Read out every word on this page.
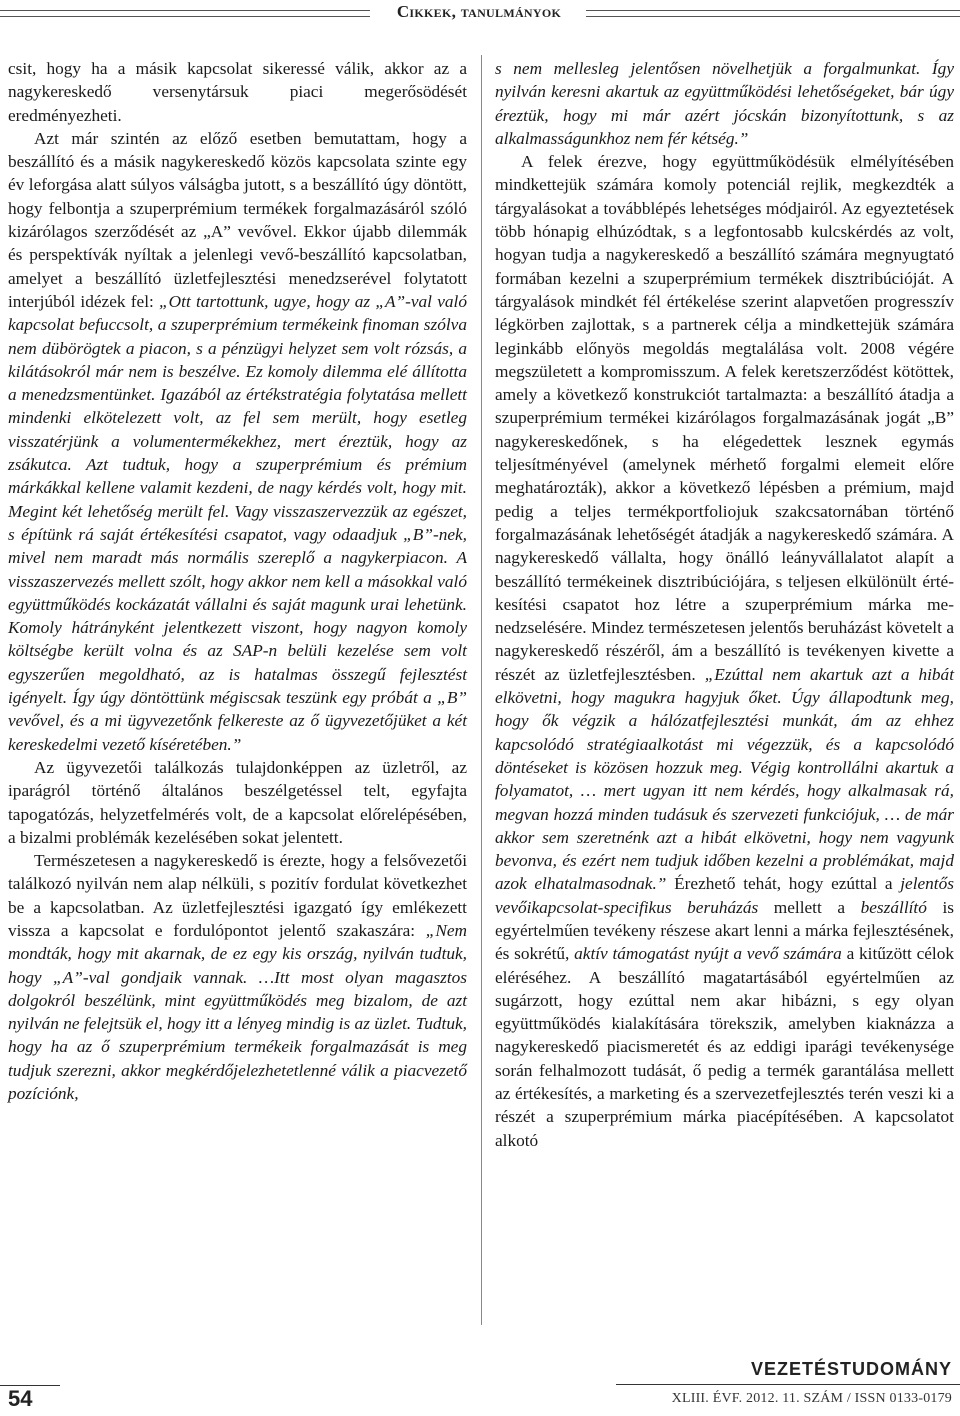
Cikkek, tanulmányok

csit, hogy ha a másik kapcsolat sikeressé válik, akkor az a nagykereskedő versenytársuk piaci megerősödését eredményezheti.

Azt már szintén az előző esetben bemutattam, hogy a beszállító és a másik nagykereskedő közös kapcsolata szinte egy év leforgása alatt súlyos válságba jutott, s a beszállító úgy döntött, hogy felbontja a szuperprémium termékek forgalmazásáról szóló kizárólagos szerződését az „A” vevővel. Ekkor újabb dilemmák és perspektívák nyíltak a jelenlegi vevő-beszállító kapcsolatban, amelyet a beszállító üzletfejlesztési menedzserével folytatott interjúból idézek fel: „Ott tartottunk, ugye, hogy az „A”-val való kapcsolat befuccsolt, a szuperprémium termékeink finoman szólva nem dübörögtek a piacon, s a pénzügyi helyzet sem volt rózsás, a kilátásokról már nem is beszélve. Ez komoly dilemma elé állította a menedzsmentünket. Igazából az értékstratégia folytatása mellett mindenki elkötelezett volt, az fel sem merült, hogy esetleg visszatérjünk a volumentermékekhez, mert éreztük, hogy az zsákutca. Azt tudtuk, hogy a szuperprémium és prémium márkákkal kellene valamit kezdeni, de nagy kérdés volt, hogy mit. Megint két lehetőség merült fel. Vagy visszaszervezzük az egészet, s építünk rá saját értékesítési csapatot, vagy odaadjuk „B”-nek, mivel nem maradt más normális szereplő a nagykerpiacon. A visszaszervezés mellett szólt, hogy akkor nem kell a másokkal való együttműködés kockázatát vállalni és saját magunk urai lehetünk. Komoly hátrányként jelentkezett viszont, hogy nagyon komoly költségbe került volna és az SAP-n belüli kezelése sem volt egyszerűen megoldható, az is hatalmas összegű fejlesztést igényelt. Így úgy döntöttünk mégiscsak teszünk egy próbát a „B” vevővel, és a mi ügyvezetőnk felkereste az ő ügyvezetőjüket a két kereskedelmi vezető kíséretében.”

Az ügyvezetői találkozás tulajdonképpen az üzletről, az iparágról történő általános beszélgetéssel telt, egyfajta tapogatózás, helyzetfelmérés volt, de a kapcsolat előrelépésében, a bizalmi problémák kezelésében sokat jelentett.

Természetesen a nagykereskedő is érezte, hogy a felsővezetői találkozó nyilván nem alap nélküli, s pozitív fordulat következhet be a kapcsolatban. Az üzletfejlesztési igazgató így emlékezett vissza a kapcsolat e fordulópontot jelentő szakaszára: „Nem mondták, hogy mit akarnak, de ez egy kis ország, nyilván tudtuk, hogy „A”-val gondjaik vannak. …Itt most olyan magasztos dolgokról beszélünk, mint együttműködés meg bizalom, de azt nyilván ne felejtsük el, hogy itt a lényeg mindig is az üzlet. Tudtuk, hogy ha az ő szuperprémium termékeik forgalmazását is meg tudjuk szerezni, akkor megkérdőjelezhetetlenné válik a piacvezető pozíciónk,

s nem mellesleg jelentősen növelhetjük a forgalmunkat. Így nyilván keresni akartuk az együttműködési lehetőségeket, bár úgy éreztük, hogy mi már azért jócskán bizonyítottunk, s az alkalmasságunkhoz nem fér kétség.”

A felek érezve, hogy együttműködésük elmélyítésében mindkettejük számára komoly potenciál rejlik, megkezdték a tárgyalásokat a továbblépés lehetséges módjairól. Az egyeztetések több hónapig elhúzódtak, s a legfontosabb kulcskérdés az volt, hogyan tudja a nagykereskedő a beszállító számára megnyugtató formában kezelni a szuperprémium termékek disztribúcióját. A tárgyalások mindkét fél értékelése szerint alapvetően progresszív légkörben zajlottak, s a partnerek célja a mindkettejük számára leginkább előnyös megoldás megtalálása volt. 2008 végére megszületett a kompromisszum. A felek keretszerződést kötöttek, amely a következő konstrukciót tartalmazta: a beszállító átadja a szuperprémium termékei kizárólagos forgalmazásának jogát „B” nagykereskedőnek, s ha elégedettek lesznek egymás teljesítményével (amelynek mérhető forgalmi elemeit előre meghatározták), akkor a következő lépésben a prémium, majd pedig a teljes termékportfoliojuk szakcsatornában történő forgalmazásának lehetőségét átadják a nagykereskedő számára. A nagykereskedő vállalta, hogy önálló leányvállalatot alapít a beszállító termékeinek disztribúciójára, s teljesen elkülönült értékesítési csapatot hoz létre a szuperprémium márka menedzselésére. Mindez természetesen jelentős beruházást követelt a nagykereskedő részéről, ám a beszállító is tevékenyen kivette a részét az üzletfejlesztésben. „Ezúttal nem akartuk azt a hibát elkövetni, hogy magukra hagyjuk őket. Úgy állapodtunk meg, hogy ők végzik a hálózatfejlesztési munkát, ám az ehhez kapcsolódó stratégiaalkotást mi végezzük, és a kapcsolódó döntéseket is közösen hozzuk meg. Végig kontrollálni akartuk a folyamatot, … mert ugyan itt nem kérdés, hogy alkalmasak rá, megvan hozzá minden tudásuk és szervezeti funkciójuk, … de már akkor sem szeretnénk azt a hibát elkövetni, hogy nem vagyunk bevonva, és ezért nem tudjuk időben kezelni a problémákat, majd azok elhatalmasodnak.” Érezhető tehát, hogy ezúttal a jelentős vevőikapcsolat-specifikus beruházás mellett a beszállító is egyértelműen tevékeny részese akart lenni a márka fejlesztésének, és sokrétű, aktív támogatást nyújt a vevő számára a kitűzött célok eléréséhez. A beszállító magatartásából egyértelműen az sugárzott, hogy ezúttal nem akar hibázni, s egy olyan együttműködés kialakítására törekszik, amelyben kiaknázza a nagykereskedő piacismeretét és az eddigi iparági tevékenysége során felhalmozott tudását, ő pedig a termék garantálása mellett az értékesítés, a marketing és a szervezetfejlesztés terén veszi ki a részét a szuperprémium márka piacépítésében. A kapcsolatot alkotó

54
VEZETÉSTUDOMÁNY
XLIII. ÉVF. 2012. 11. SZÁM / ISSN 0133-0179
